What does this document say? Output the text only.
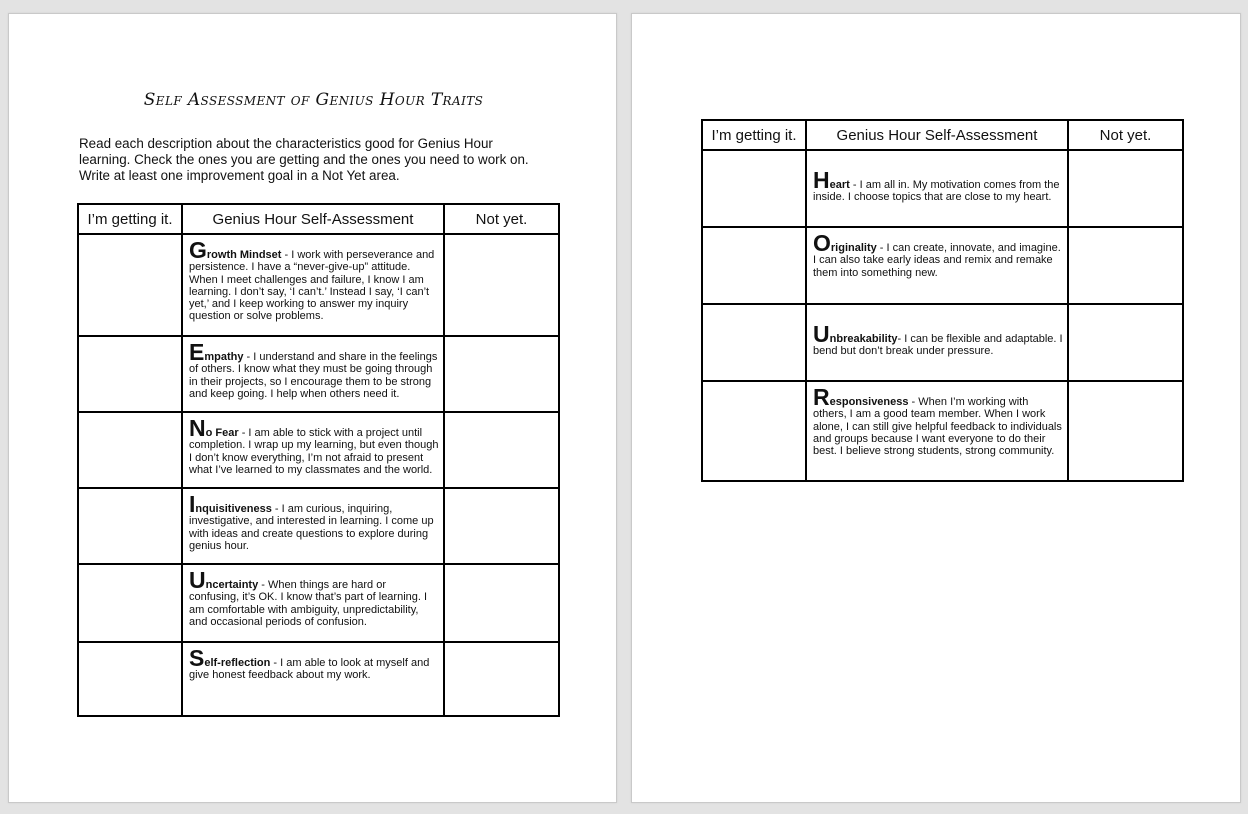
Self Assessment of Genius Hour Traits

Read each description about the characteristics good for Genius Hour learning. Check the ones you are getting and the ones you need to work on. Write at least one improvement goal in a Not Yet area.

I’m getting it.	Genius Hour Self-Assessment	Not yet.

	Growth Mindset - I work with perseverance and persistence. I have a “never-give-up” attitude. When I meet challenges and failure, I know I am learning. I don’t say, ‘I can’t.’ Instead I say, ‘I can’t yet,’ and I keep working to answer my inquiry question or solve problems.	

	Empathy - I understand and share in the feelings of others. I know what they must be going through in their projects, so I encourage them to be strong and keep going. I help when others need it.	

	No Fear - I am able to stick with a project until completion. I wrap up my learning, but even though I don’t know everything, I’m not afraid to present what I’ve learned to my classmates and the world.	

	Inquisitiveness - I am curious, inquiring, investigative, and interested in learning. I come up with ideas and create questions to explore during genius hour.	

	Uncertainty - When things are hard or confusing, it’s OK. I know that’s part of learning. I am comfortable with ambiguity, unpredictability, and occasional periods of confusion.	

	Self-reflection - I am able to look at myself and give honest feedback about my work.	

I’m getting it.	Genius Hour Self-Assessment	Not yet.

	Heart - I am all in. My motivation comes from the inside. I choose topics that are close to my heart.	

	Originality - I can create, innovate, and imagine. I can also take early ideas and remix and remake them into something new.	

	Unbreakability- I can be flexible and adaptable. I bend but don’t break under pressure.	

	Responsiveness - When I’m working with others, I am a good team member. When I work alone, I can still give helpful feedback to individuals and groups because I want everyone to do their best. I believe strong students, strong community.	
